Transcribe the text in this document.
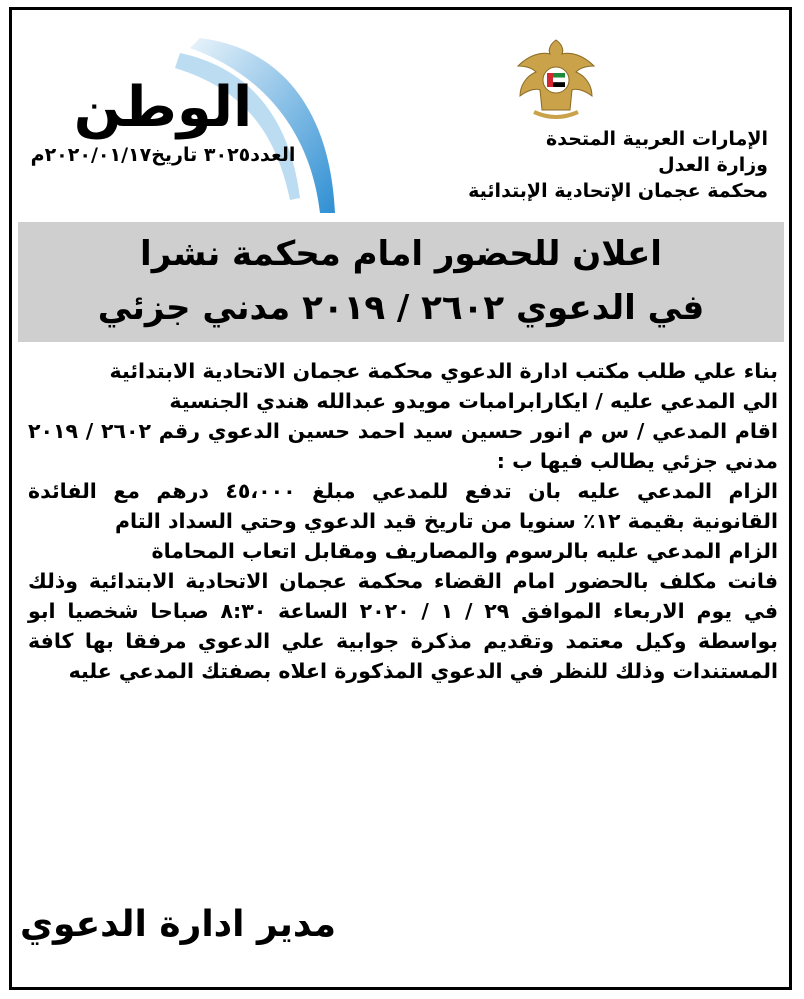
الوطن
العدد٣٠٢٥ تاريخ٢٠٢٠/٠١/١٧م
الإمارات العربية المتحدة
وزارة العدل
محكمة عجمان الإتحادية الإبتدائية
اعلان للحضور امام محكمة نشرا
في الدعوي ٢٦٠٢ / ٢٠١٩ مدني جزئي

بناء علي طلب مكتب ادارة الدعوي محكمة عجمان الاتحادية الابتدائية

الي المدعي عليه / ايكارابرامبات مويدو عبدالله هندي الجنسية

اقام المدعي / س م انور حسين سيد احمد حسين الدعوي رقم ٢٦٠٢ / ٢٠١٩ مدني جزئي يطالب فيها ب :

الزام المدعي عليه بان تدفع للمدعي مبلغ ٤٥،٠٠٠ درهم مع الفائدة القانونية بقيمة ١٢٪ سنويا من تاريخ قيد الدعوي وحتي السداد التام

الزام المدعي عليه بالرسوم والمصاريف ومقابل اتعاب المحاماة

فانت مكلف بالحضور امام القضاء محكمة عجمان الاتحادية الابتدائية وذلك في يوم الاربعاء الموافق ٢٩ / ١ / ٢٠٢٠ الساعة ٨:٣٠ صباحا شخصيا ابو بواسطة وكيل معتمد وتقديم مذكرة جوابية علي الدعوي مرفقا بها كافة المستندات وذلك للنظر في الدعوي المذكورة اعلاه بصفتك المدعي عليه

مدير ادارة الدعوي
